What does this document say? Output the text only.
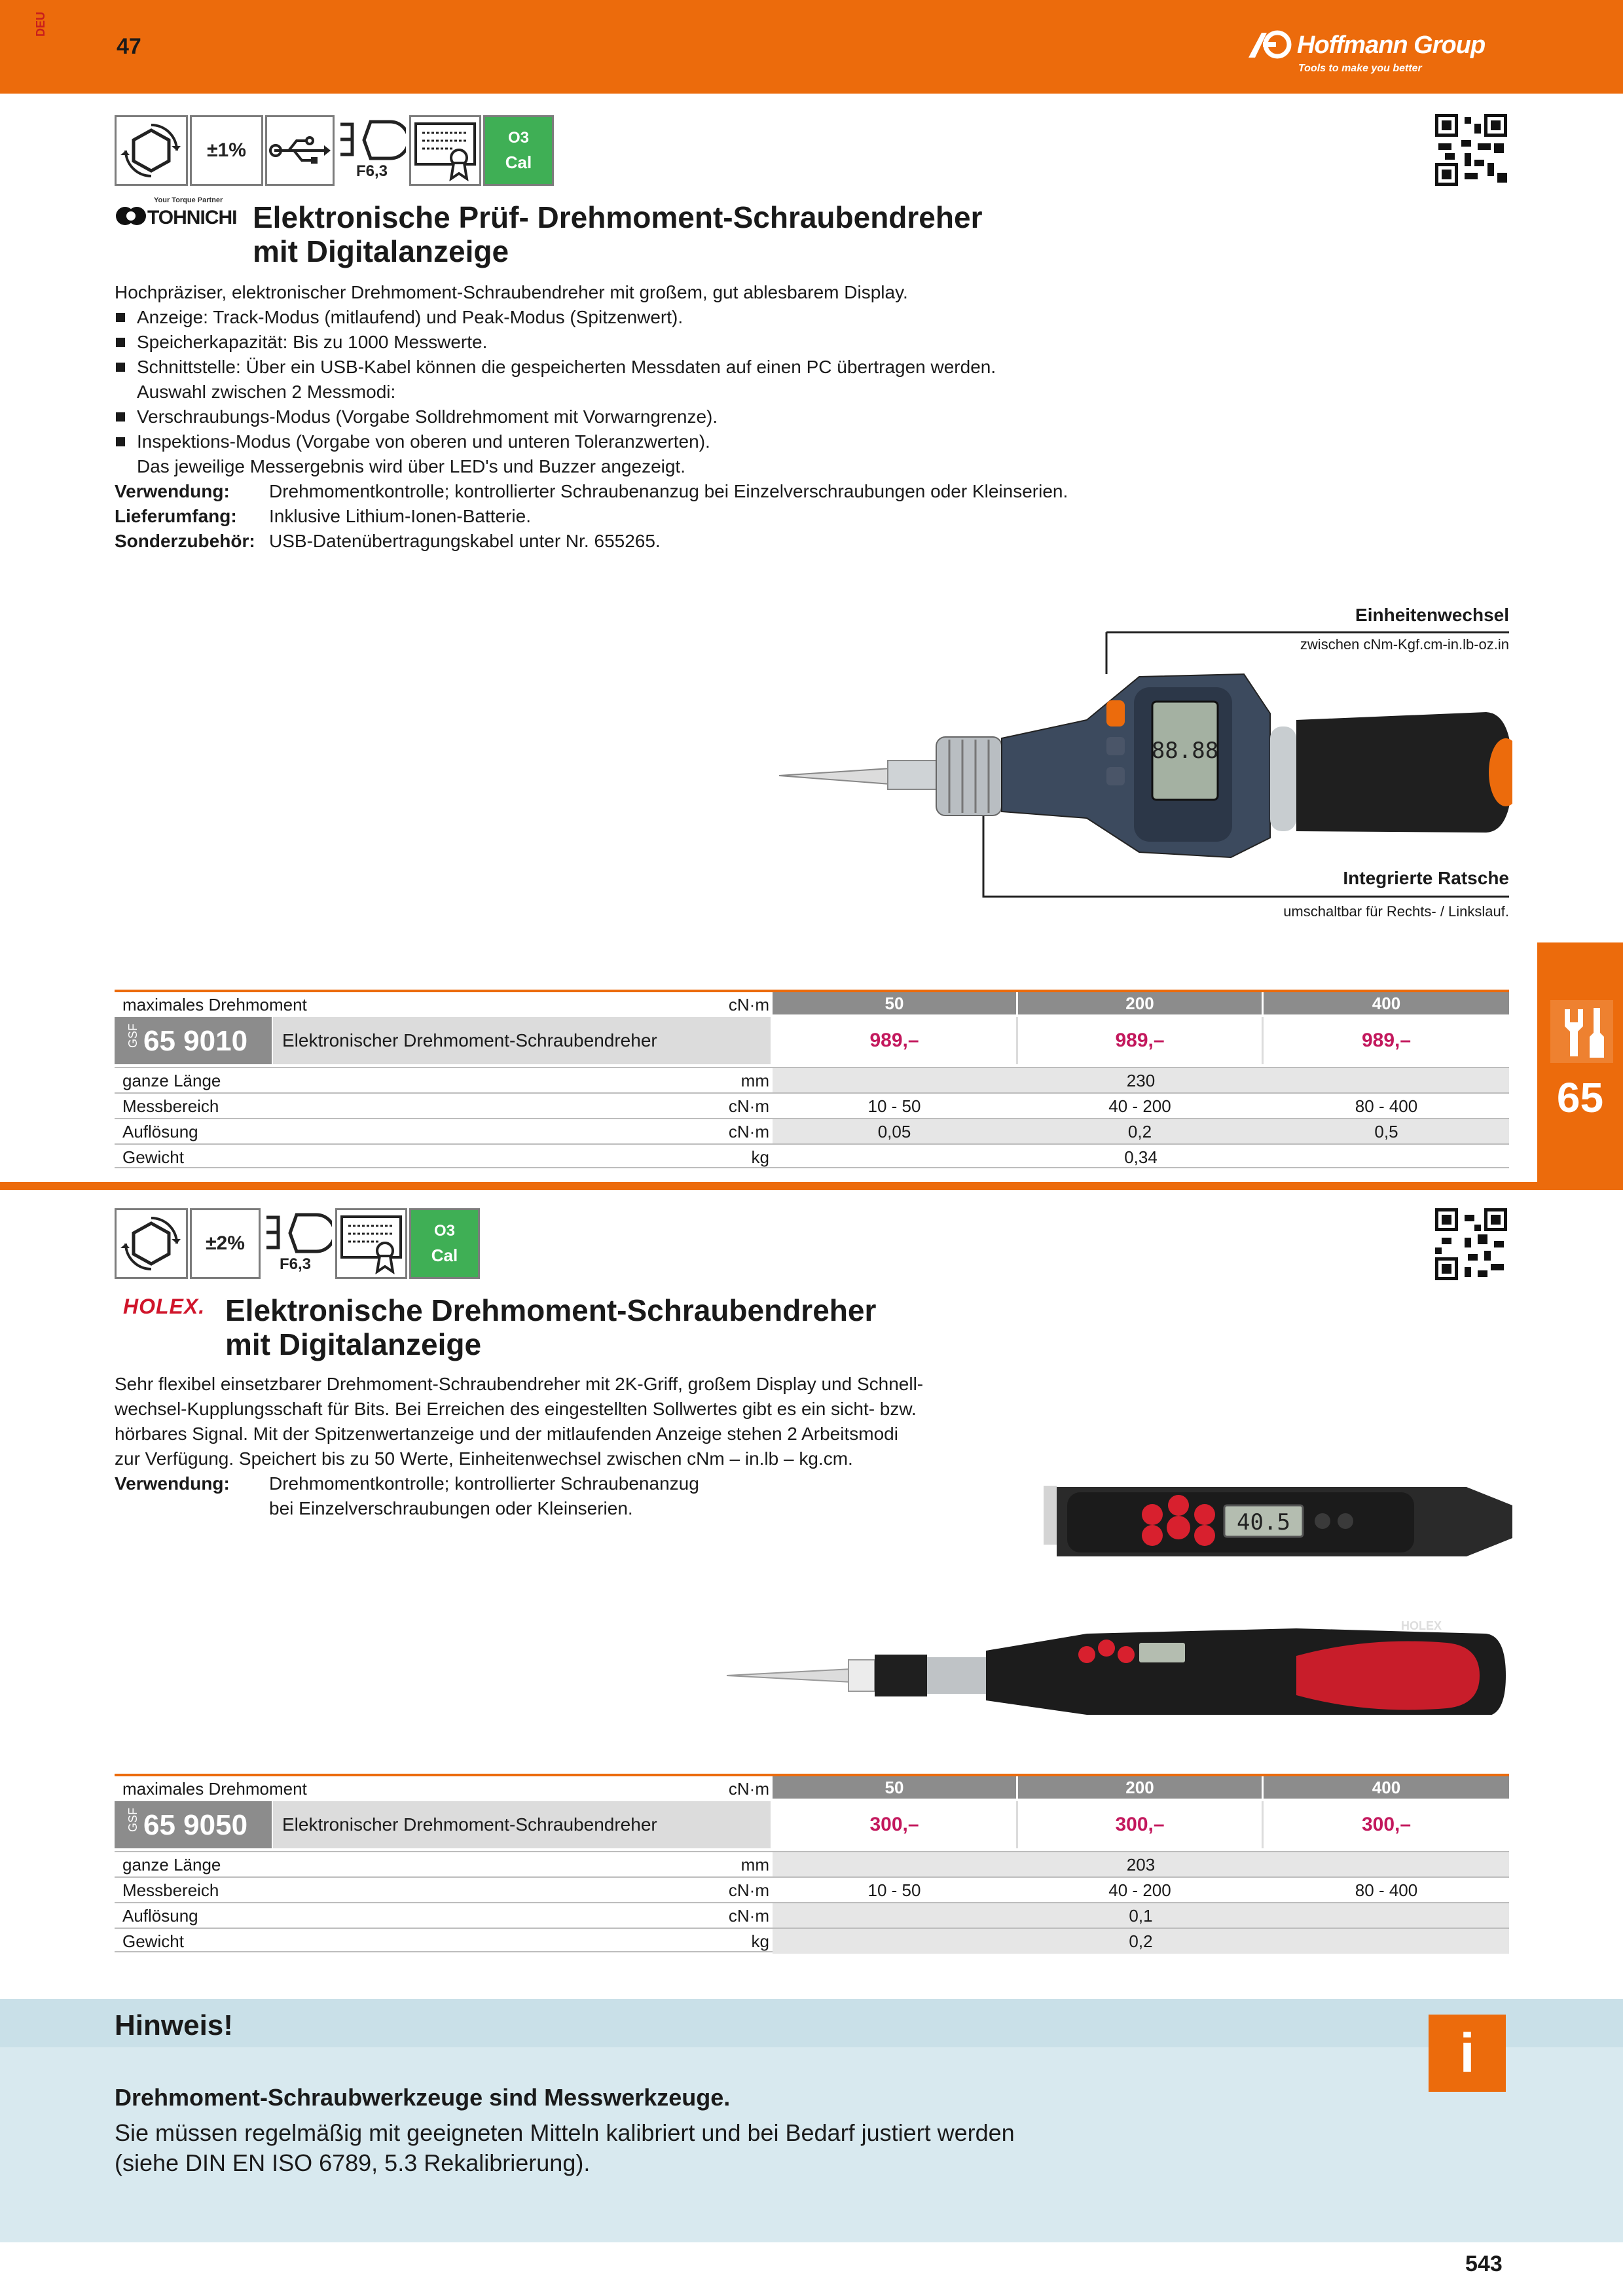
DEU
47	Hoffmann Group
Tools to make you better
±1%
F6,3
O3
Cal
Your Torque Partner
TOHNICHI Elektronische Prüf- Drehmoment-Schraubendreher
mit Digitalanzeige
Hochpräziser, elektronischer Drehmoment-Schraubendreher mit großem, gut ablesbarem Display.
Anzeige: Track-Modus (mitlaufend) und Peak-Modus (Spitzenwert).
Speicherkapazität: Bis zu 1000 Messwerte.
Schnittstelle: Über ein USB-Kabel können die gespeicherten Messdaten auf einen PC übertragen werden.
Auswahl zwischen 2 Messmodi:
Verschraubungs-Modus (Vorgabe Solldrehmoment mit Vorwarngrenze).
Inspektions-Modus (Vorgabe von oberen und unteren Toleranzwerten).
Das jeweilige Messergebnis wird über LED's und Buzzer angezeigt.
Verwendung:	Drehmomentkontrolle; kontrollierter Schraubenanzug bei Einzelverschraubungen oder Kleinserien.
Lieferumfang:	Inklusive Lithium-Ionen-Batterie.
Sonderzubehör: USB-Datenübertragungskabel unter Nr. 655265.
Einheitenwechsel
zwischen cNm-Kgf.cm-in.lb-oz.in
Integrierte Ratsche
umschaltbar für Rechts- / Linkslauf.
88.88
maximales Drehmoment	cN·m	50	200	400
GSF 65 9010	Elektronischer Drehmoment-Schraubendreher	989,–	989,–	989,–
ganze Länge	mm	230
Messbereich	cN·m	10 - 50	40 - 200	80 - 400
Auflösung	cN·m	0,05	0,2	0,5
Gewicht	kg	0,34
65
±2%
F6,3
O3
Cal
HOLEX. Elektronische Drehmoment-Schraubendreher
mit Digitalanzeige
Sehr flexibel einsetzbarer Drehmoment-Schraubendreher mit 2K-Griff, großem Display und Schnell-
wechsel-Kupplungsschaft für Bits. Bei Erreichen des eingestellten Sollwertes gibt es ein sicht- bzw.
hörbares Signal. Mit der Spitzenwertanzeige und der mitlaufenden Anzeige stehen 2 Arbeitsmodi
zur Verfügung. Speichert bis zu 50 Werte, Einheitenwechsel zwischen cNm – in.lb – kg.cm.
Verwendung:	Drehmomentkontrolle; kontrollierter Schraubenanzug
bei Einzelverschraubungen oder Kleinserien.
40.5
HOLEX
maximales Drehmoment	cN·m	50	200	400
GSF 65 9050	Elektronischer Drehmoment-Schraubendreher	300,–	300,–	300,–
ganze Länge	mm	203
Messbereich	cN·m	10 - 50	40 - 200	80 - 400
Auflösung	cN·m	0,1
Gewicht	kg	0,2
Hinweis!	i
Drehmoment-Schraubwerkzeuge sind Messwerkzeuge.
Sie müssen regelmäßig mit geeigneten Mitteln kalibriert und bei Bedarf justiert werden
(siehe DIN EN ISO 6789, 5.3 Rekalibrierung).
543
